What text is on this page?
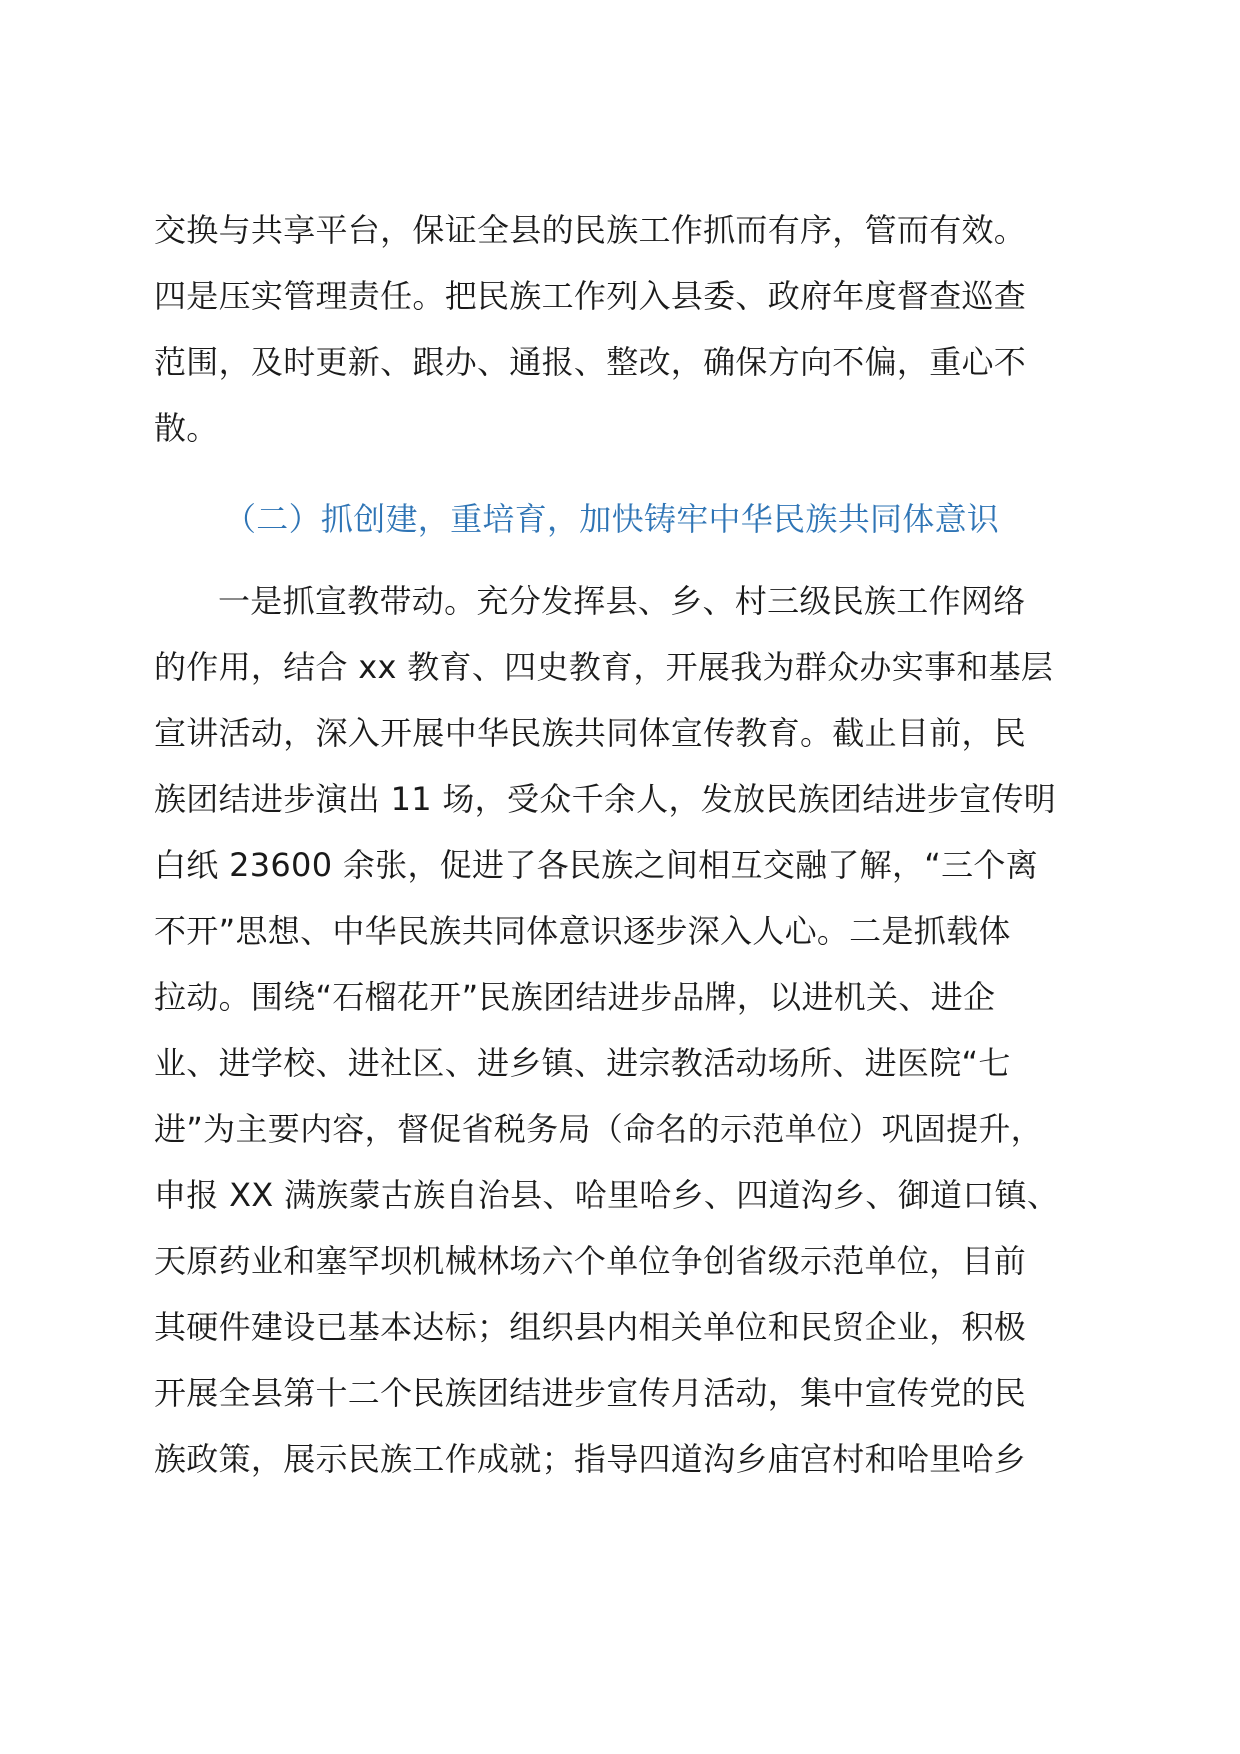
交换与共享平台，保证全县的民族工作抓而有序，管而有效。
四是压实管理责任。把民族工作列入县委、政府年度督查巡查
范围，及时更新、跟办、通报、整改，确保方向不偏，重心不
散。
（二）抓创建，重培育，加快铸牢中华民族共同体意识
一是抓宣教带动。充分发挥县、乡、村三级民族工作网络
的作用，结合 xx 教育、四史教育，开展我为群众办实事和基层
宣讲活动，深入开展中华民族共同体宣传教育。截止目前，民
族团结进步演出 11 场，受众千余人，发放民族团结进步宣传明
白纸 23600 余张，促进了各民族之间相互交融了解，“三个离
不开”思想、中华民族共同体意识逐步深入人心。二是抓载体
拉动。围绕“石榴花开”民族团结进步品牌，以进机关、进企
业、进学校、进社区、进乡镇、进宗教活动场所、进医院“七
进”为主要内容，督促省税务局（命名的示范单位）巩固提升，
申报 XX 满族蒙古族自治县、哈里哈乡、四道沟乡、御道口镇、
天原药业和塞罕坝机械林场六个单位争创省级示范单位，目前
其硬件建设已基本达标；组织县内相关单位和民贸企业，积极
开展全县第十二个民族团结进步宣传月活动，集中宣传党的民
族政策，展示民族工作成就；指导四道沟乡庙宫村和哈里哈乡
